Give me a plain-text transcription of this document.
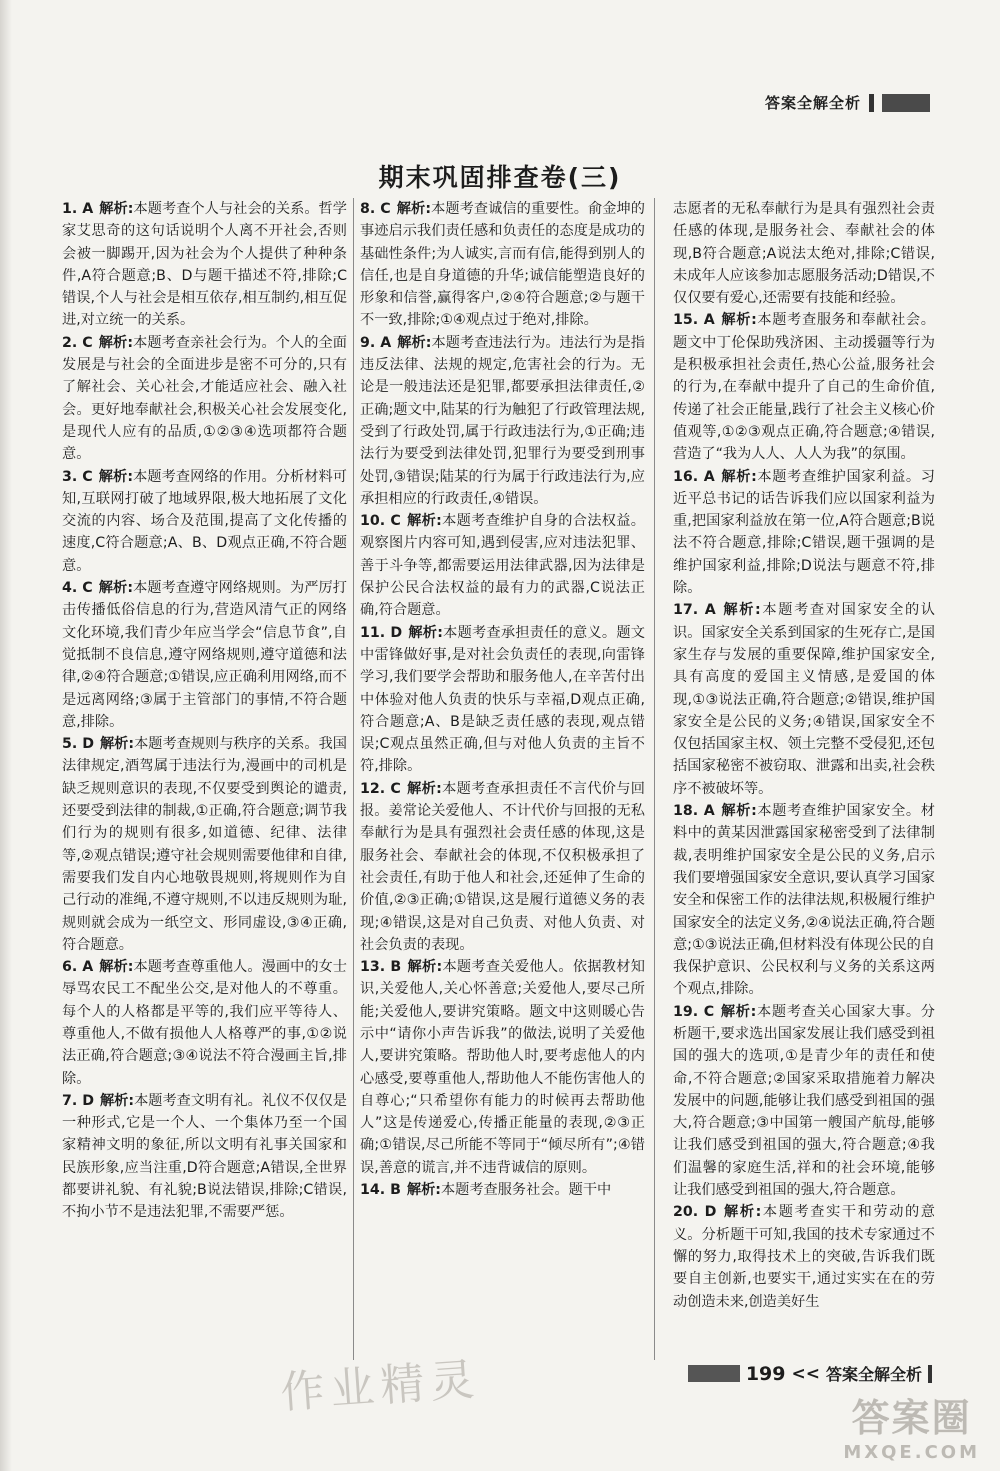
答案全解全析
期末巩固排查卷(三)
1. A 解析:本题考查个人与社会的关系。哲学家艾思奇的这句话说明个人离不开社会,否则会被一脚踢开,因为社会为个人提供了种种条件,A符合题意;B、D与题干描述不符,排除;C错误,个人与社会是相互依存,相互制约,相互促进,对立统一的关系。
2. C 解析:本题考查亲社会行为。个人的全面发展是与社会的全面进步是密不可分的,只有了解社会、关心社会,才能适应社会、融入社会。更好地奉献社会,积极关心社会发展变化,是现代人应有的品质,①②③④选项都符合题意。
3. C 解析:本题考查网络的作用。分析材料可知,互联网打破了地域界限,极大地拓展了文化交流的内容、场合及范围,提高了文化传播的速度,C符合题意;A、B、D观点正确,不符合题意。
4. C 解析:本题考查遵守网络规则。为严厉打击传播低俗信息的行为,营造风清气正的网络文化环境,我们青少年应当学会“信息节食”,自觉抵制不良信息,遵守网络规则,遵守道德和法律,②④符合题意;①错误,应正确利用网络,而不是远离网络;③属于主管部门的事情,不符合题意,排除。
5. D 解析:本题考查规则与秩序的关系。我国法律规定,酒驾属于违法行为,漫画中的司机是缺乏规则意识的表现,不仅要受到舆论的谴责,还要受到法律的制裁,①正确,符合题意;调节我们行为的规则有很多,如道德、纪律、法律等,②观点错误;遵守社会规则需要他律和自律,需要我们发自内心地敬畏规则,将规则作为自己行动的准绳,不遵守规则,不以违反规则为耻,规则就会成为一纸空文、形同虚设,③④正确,符合题意。
6. A 解析:本题考查尊重他人。漫画中的女士辱骂农民工不配坐公交,是对他人的不尊重。每个人的人格都是平等的,我们应平等待人、尊重他人,不做有损他人人格尊严的事,①②说法正确,符合题意;③④说法不符合漫画主旨,排除。
7. D 解析:本题考查文明有礼。礼仪不仅仅是一种形式,它是一个人、一个集体乃至一个国家精神文明的象征,所以文明有礼事关国家和民族形象,应当注重,D符合题意;A错误,全世界都要讲礼貌、有礼貌;B说法错误,排除;C错误,不拘小节不是违法犯罪,不需要严惩。
8. C 解析:本题考查诚信的重要性。俞金坤的事迹启示我们责任感和负责任的态度是成功的基础性条件;为人诚实,言而有信,能得到别人的信任,也是自身道德的升华;诚信能塑造良好的形象和信誉,赢得客户,②④符合题意;②与题干不一致,排除;①④观点过于绝对,排除。
9. A 解析:本题考查违法行为。违法行为是指违反法律、法规的规定,危害社会的行为。无论是一般违法还是犯罪,都要承担法律责任,②正确;题文中,陆某的行为触犯了行政管理法规,受到了行政处罚,属于行政违法行为,①正确;违法行为要受到法律处罚,犯罪行为要受到刑事处罚,③错误;陆某的行为属于行政违法行为,应承担相应的行政责任,④错误。
10. C 解析:本题考查维护自身的合法权益。观察图片内容可知,遇到侵害,应对违法犯罪、善于斗争等,都需要运用法律武器,因为法律是保护公民合法权益的最有力的武器,C说法正确,符合题意。
11. D 解析:本题考查承担责任的意义。题文中雷锋做好事,是对社会负责任的表现,向雷锋学习,我们要学会帮助和服务他人,在辛苦付出中体验对他人负责的快乐与幸福,D观点正确,符合题意;A、B是缺乏责任感的表现,观点错误;C观点虽然正确,但与对他人负责的主旨不符,排除。
12. C 解析:本题考查承担责任不言代价与回报。姜常论关爱他人、不计代价与回报的无私奉献行为是具有强烈社会责任感的体现,这是服务社会、奉献社会的体现,不仅积极承担了社会责任,有助于他人和社会,还延伸了生命的价值,②③正确;①错误,这是履行道德义务的表现;④错误,这是对自己负责、对他人负责、对社会负责的表现。
13. B 解析:本题考查关爱他人。依据教材知识,关爱他人,关心怀善意;关爱他人,要尽己所能;关爱他人,要讲究策略。题文中这则暖心告示中“请你小声告诉我”的做法,说明了关爱他人,要讲究策略。帮助他人时,要考虑他人的内心感受,要尊重他人,帮助他人不能伤害他人的自尊心;“只希望你有能力的时候再去帮助他人”这是传递爱心,传播正能量的表现,②③正确;①错误,尽己所能不等同于“倾尽所有”;④错误,善意的谎言,并不违背诚信的原则。
14. B 解析:本题考查服务社会。题干中
志愿者的无私奉献行为是具有强烈社会责任感的体现,是服务社会、奉献社会的体现,B符合题意;A说法太绝对,排除;C错误,未成年人应该参加志愿服务活动;D错误,不仅仅要有爱心,还需要有技能和经验。
15. A 解析:本题考查服务和奉献社会。题文中丁伦保助残济困、主动援疆等行为是积极承担社会责任,热心公益,服务社会的行为,在奉献中提升了自己的生命价值,传递了社会正能量,践行了社会主义核心价值观等,①②③观点正确,符合题意;④错误,营造了“我为人人、人人为我”的氛围。
16. A 解析:本题考查维护国家利益。习近平总书记的话告诉我们应以国家利益为重,把国家利益放在第一位,A符合题意;B说法不符合题意,排除;C错误,题干强调的是维护国家利益,排除;D说法与题意不符,排除。
17. A 解析:本题考查对国家安全的认识。国家安全关系到国家的生死存亡,是国家生存与发展的重要保障,维护国家安全,具有高度的爱国主义情感,是爱国的体现,①③说法正确,符合题意;②错误,维护国家安全是公民的义务;④错误,国家安全不仅包括国家主权、领土完整不受侵犯,还包括国家秘密不被窃取、泄露和出卖,社会秩序不被破坏等。
18. A 解析:本题考查维护国家安全。材料中的黄某因泄露国家秘密受到了法律制裁,表明维护国家安全是公民的义务,启示我们要增强国家安全意识,要认真学习国家安全和保密工作的法律法规,积极履行维护国家安全的法定义务,②④说法正确,符合题意;①③说法正确,但材料没有体现公民的自我保护意识、公民权利与义务的关系这两个观点,排除。
19. C 解析:本题考查关心国家大事。分析题干,要求选出国家发展让我们感受到祖国的强大的选项,①是青少年的责任和使命,不符合题意;②国家采取措施着力解决发展中的问题,能够让我们感受到祖国的强大,符合题意;③中国第一艘国产航母,能够让我们感受到祖国的强大,符合题意;④我们温馨的家庭生活,祥和的社会环境,能够让我们感受到祖国的强大,符合题意。
20. D 解析:本题考查实干和劳动的意义。分析题干可知,我国的技术专家通过不懈的努力,取得技术上的突破,告诉我们既要自主创新,也要实干,通过实实在在的劳动创造未来,创造美好生
作业精灵	199 << 答案全解全析
答案圈
MXQE.COM
